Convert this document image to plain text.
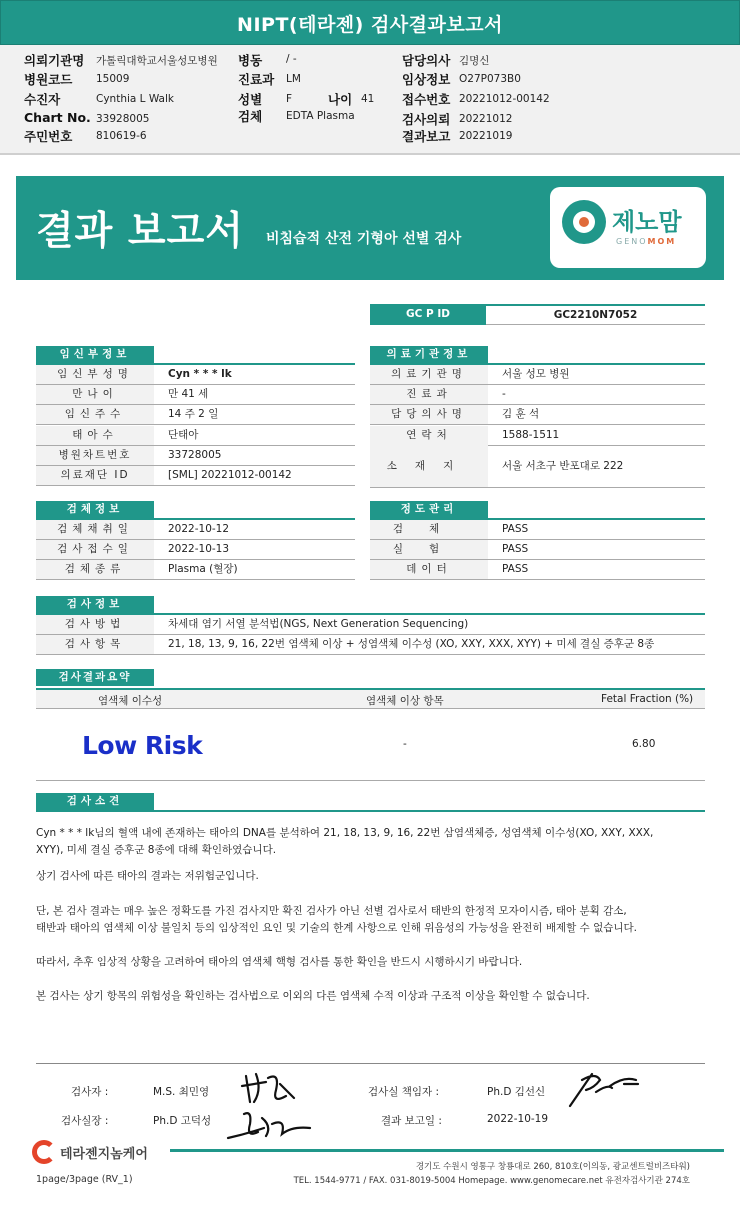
NIPT(테라젠) 검사결과보고서
의뢰기관명 가톨릭대학교서울성모병원
병원코드 15009
수진자	Cynthia L Walk
Chart No. 33928005
주민번호 810619-6
병동 / -
진료과 LM
성별 F	나이 41
검체 EDTA Plasma
담당의사 김명신
임상정보 O27P073B0
접수번호 20221012-00142
검사의뢰 20221012
결과보고 20221019
결과 보고서 비침습적 산전 기형아 선별 검사
제노맘
GENOMOM
GC P ID	GC2210N7052
임신부정보
임신부성명	Cyn * * * lk
만나이	만 41 세
임신주수	14 주 2 일
태아수	단태아
병원차트번호	33728005
의료재단 ID	[SML] 20221012-00142
의료기관정보
의료기관명	서울 성모 병원
진료과	-
담당의사명	김 훈 석
연락처	1588-1511
소재지	서울 서초구 반포대로 222
검체정보
검체채취일	2022-10-12
검사접수일	2022-10-13
검체종류	Plasma (혈장)
정도관리
검체	PASS
실험	PASS
데이터	PASS
검사정보
검사방법	차세대 염기 서열 분석법(NGS, Next Generation Sequencing)
검사항목	21, 18, 13, 9, 16, 22번 염색체 이상 + 성염색체 이수성 (XO, XXY, XXX, XYY) + 미세 결실 증후군 8종
검사결과요약
염색체 이수성	염색체 이상 항목	Fetal Fraction (%)
Low Risk	-	6.80
검사소견
Cyn * * * lk님의 혈액 내에 존재하는 태아의 DNA를 분석하여 21, 18, 13, 9, 16, 22번 삼염색체증, 성염색체 이수성(XO, XXY, XXX,
XYY), 미세 결실 증후군 8종에 대해 확인하였습니다.
상기 검사에 따른 태아의 결과는 저위험군입니다.
단, 본 검사 결과는 매우 높은 정확도를 가진 검사지만 확진 검사가 아닌 선별 검사로서 태반의 한정적 모자이시즘, 태아 분획 감소,
태반과 태아의 염색체 이상 불일치 등의 임상적인 요인 및 기술의 한계 사항으로 인해 위음성의 가능성을 완전히 배제할 수 없습니다.
따라서, 추후 임상적 상황을 고려하여 태아의 염색체 핵형 검사를 통한 확인을 반드시 시행하시기 바랍니다.
본 검사는 상기 항목의 위험성을 확인하는 검사법으로 이외의 다른 염색체 수적 이상과 구조적 이상을 확인할 수 없습니다.
검사자 :	M.S. 최민영
검사실장 :	Ph.D 고덕성
검사실 책임자 :	Ph.D 김선신
결과 보고일 :	2022-10-19
테라젠지놈케어
경기도 수원시 영통구 창룡대로 260, 810호(이의동, 광교센트럴비즈타워)
TEL. 1544-9771 / FAX. 031-8019-5004 Homepage. www.genomecare.net 유전자검사기관 274호
1page/3page (RV_1)
